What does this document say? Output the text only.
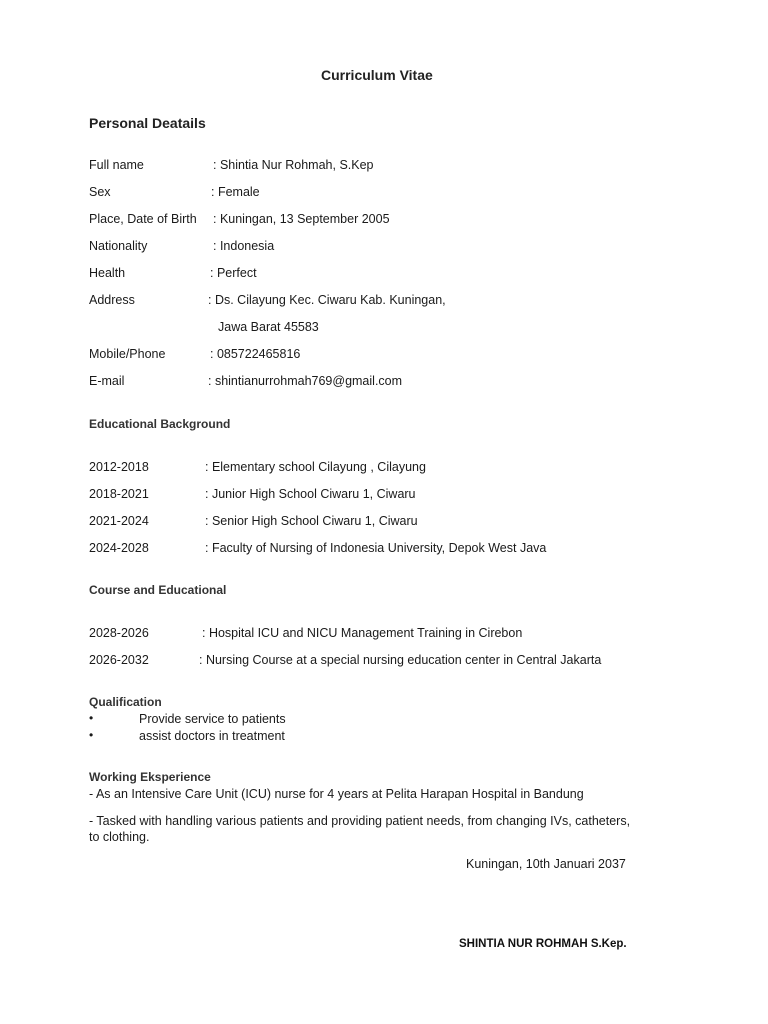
Curriculum Vitae
Personal Deatails
Full name	: Shintia Nur Rohmah, S.Kep
Sex	: Female
Place, Date of Birth : Kuningan, 13 September 2005
Nationality	: Indonesia
Health	: Perfect
Address	: Ds. Cilayung Kec. Ciwaru Kab. Kuningan,
Jawa Barat 45583
Mobile/Phone	: 085722465816
E-mail	: shintianurrohmah769@gmail.com
Educational Background
2012-2018	: Elementary school Cilayung , Cilayung
2018-2021	: Junior High School Ciwaru 1, Ciwaru
2021-2024	: Senior High School Ciwaru 1, Ciwaru
2024-2028	: Faculty of Nursing of Indonesia University, Depok West Java
Course and Educational
2028-2026	: Hospital ICU and NICU Management Training in Cirebon
2026-2032	: Nursing Course at a special nursing education center in Central Jakarta
Qualification
•	Provide service to patients
•	assist doctors in treatment
Working Eksperience
- As an Intensive Care Unit (ICU) nurse for 4 years at Pelita Harapan Hospital in Bandung
- Tasked with handling various patients and providing patient needs, from changing IVs, catheters,
to clothing.
Kuningan, 10th Januari 2037
SHINTIA NUR ROHMAH S.Kep.
